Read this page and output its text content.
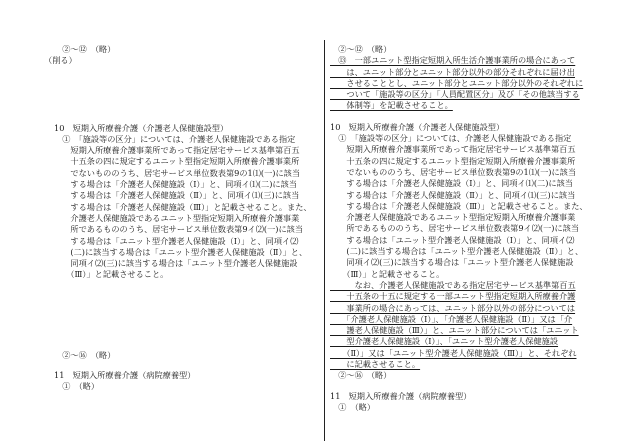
　②～⑫　（略）
（削る）
10　短期入所療養介護（介護老人保健施設型）
　①　「施設等の区分」については、介護老人保健施設である指定
　　短期入所療養介護事業所であって指定居宅サービス基準第百五
　　十五条の四に規定するユニット型指定短期入所療養介護事業所
　　でないもののうち、居宅サービス単位数表第9の1⑴(一)に該当
　　する場合は「介護老人保健施設（Ⅰ）」と、同項イ⑴(二)に該当
　　する場合は「介護老人保健施設（Ⅱ）」と、同項イ⑴(三)に該当
　　する場合は「介護老人保健施設（Ⅲ）」と記載させること。また、
　　介護老人保健施設であるユニット型指定短期入所療養介護事業
　　所であるもののうち、居宅サービス単位数表第9イ⑵(一)に該当
　　する場合は「ユニット型介護老人保健施設（Ⅰ）」と、同項イ⑵
　　(二)に該当する場合は「ユニット型介護老人保健施設（Ⅱ）」と、
　　同項イ⑵(三)に該当する場合は「ユニット型介護老人保健施設
　　（Ⅲ）」と記載させること。
　②～⑯　（略）
11　短期入所療養介護（病院療養型）
　①　（略）
　②～⑫　（略）
　⑬　一部ユニット型指定短期入所生活介護事業所の場合にあって
　　は、ユニット部分とユニット部分以外の部分それぞれに届け出
　　させることとし、ユニット部分とユニット部分以外のそれぞれに
　　ついて「施設等の区分」「人員配置区分」及び「その他該当する
　　体制等」を記載させること。
10　短期入所療養介護（介護老人保健施設型）
　①　「施設等の区分」については、介護老人保健施設である指定
　　短期入所療養介護事業所であって指定居宅サービス基準第百五
　　十五条の四に規定するユニット型指定短期入所療養介護事業所
　　でないもののうち、居宅サービス単位数表第9の1⑴(一)に該当
　　する場合は「介護老人保健施設（Ⅰ）」と、同項イ⑴(二)に該当
　　する場合は「介護老人保健施設（Ⅱ）」と、同項イ⑴(三)に該当
　　する場合は「介護老人保健施設（Ⅲ）」と記載させること。また、
　　介護老人保健施設であるユニット型指定短期入所療養介護事業
　　所であるもののうち、居宅サービス単位数表第9イ⑵(一)に該当
　　する場合は「ユニット型介護老人保健施設（Ⅰ）」と、同項イ⑵
　　(二)に該当する場合は「ユニット型介護老人保健施設（Ⅱ）」と、
　　同項イ⑵(三)に該当する場合は「ユニット型介護老人保健施設
　　（Ⅲ）」と記載させること。
　　　なお、介護老人保健施設である指定居宅サービス基準第百五
　　十五条の十五に規定する一部ユニット型指定短期入所療養介護
　　事業所の場合にあっては、ユニット部分以外の部分については
　　「介護老人保健施設（Ⅰ）」、「介護老人保健施設（Ⅱ）」又は「介
　　護老人保健施設（Ⅲ）」と、ユニット部分については「ユニット
　　型介護老人保健施設（Ⅰ）」、「ユニット型介護老人保健施設
　　（Ⅱ）」又は「ユニット型介護老人保健施設（Ⅲ）」と、それぞれ
　　に記載させること。
　②～⑯　（略）
11　短期入所療養介護（病院療養型）
　①　（略）
